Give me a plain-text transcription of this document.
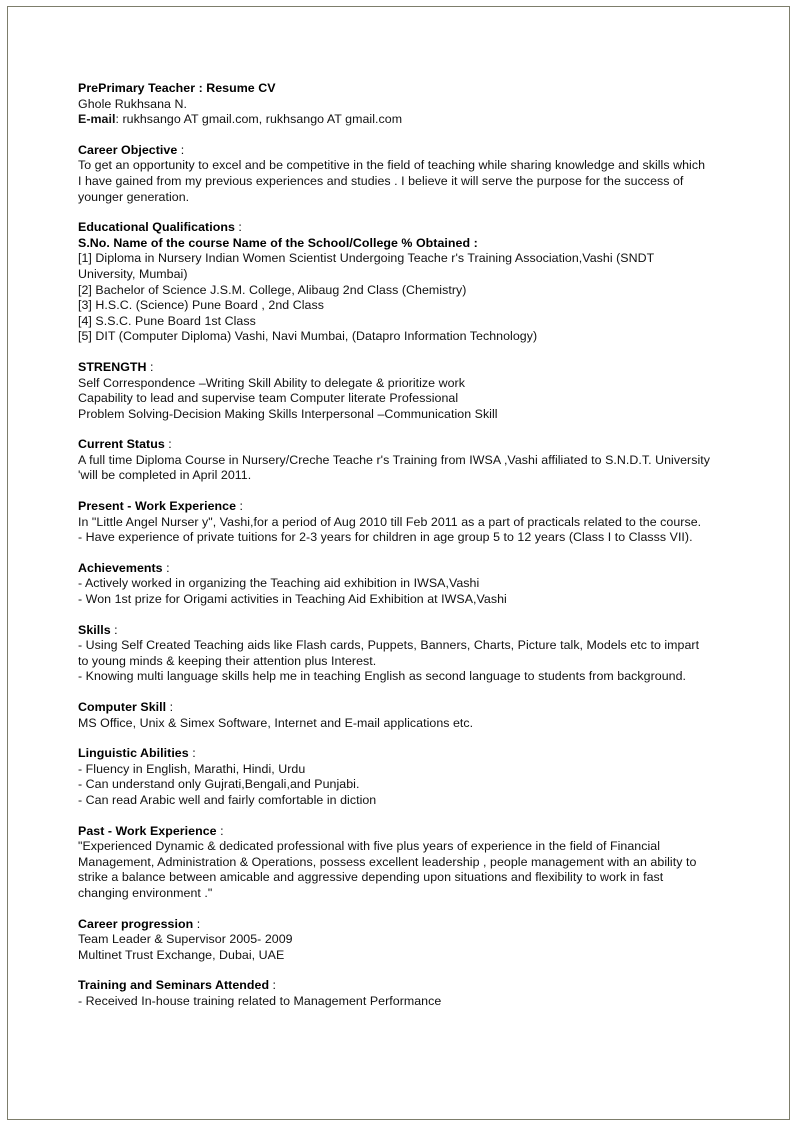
PrePrimary Teacher : Resume CV
Ghole Rukhsana N.
E-mail: rukhsango AT gmail.com, rukhsango AT gmail.com
Career Objective :

To get an opportunity to excel and be competitive in the field of teaching while sharing knowledge and skills which I have gained from my previous experiences and studies . I believe it will serve the purpose for the success of younger generation.

Educational Qualifications :
S.No. Name of the course Name of the School/College % Obtained :

[1] Diploma in Nursery Indian Women Scientist Undergoing Teache r's Training Association,Vashi (SNDT University, Mumbai)

[2] Bachelor of Science J.S.M. College, Alibaug 2nd Class (Chemistry)

[3] H.S.C. (Science) Pune Board , 2nd Class

[4] S.S.C. Pune Board 1st Class

[5] DIT (Computer Diploma) Vashi, Navi Mumbai, (Datapro Information Technology)

STRENGTH :

Self Correspondence –Writing Skill Ability to delegate & prioritize work

Capability to lead and supervise team Computer literate Professional

Problem Solving-Decision Making Skills Interpersonal –Communication Skill

Current Status :

A full time Diploma Course in Nursery/Creche Teache r's Training from IWSA ,Vashi affiliated to S.N.D.T. University 'will be completed in April 2011.

Present - Work Experience :

In "Little Angel Nurser y", Vashi,for a period of Aug 2010 till Feb 2011 as a part of practicals related to the course.

- Have experience of private tuitions for 2-3 years for children in age group 5 to 12 years (Class I to Classs VII).

Achievements :

- Actively worked in organizing the Teaching aid exhibition in IWSA,Vashi

- Won 1st prize for Origami activities in Teaching Aid Exhibition at IWSA,Vashi

Skills :

- Using Self Created Teaching aids like Flash cards, Puppets, Banners, Charts, Picture talk, Models etc to impart to young minds & keeping their attention plus Interest.

- Knowing multi language skills help me in teaching English as second language to students from background.

Computer Skill :

MS Office, Unix & Simex Software, Internet and E-mail applications etc.

Linguistic Abilities :

- Fluency in English, Marathi, Hindi, Urdu

- Can understand only Gujrati,Bengali,and Punjabi.

- Can read Arabic well and fairly comfortable in diction

Past - Work Experience :

"Experienced Dynamic & dedicated professional with five plus years of experience in the field of Financial Management, Administration & Operations, possess excellent leadership , people management with an ability to strike a balance between amicable and aggressive depending upon situations and flexibility to work in fast changing environment ."

Career progression :

Team Leader & Supervisor 2005- 2009

Multinet Trust Exchange, Dubai, UAE

Training and Seminars Attended :

- Received In-house training related to Management Performance
